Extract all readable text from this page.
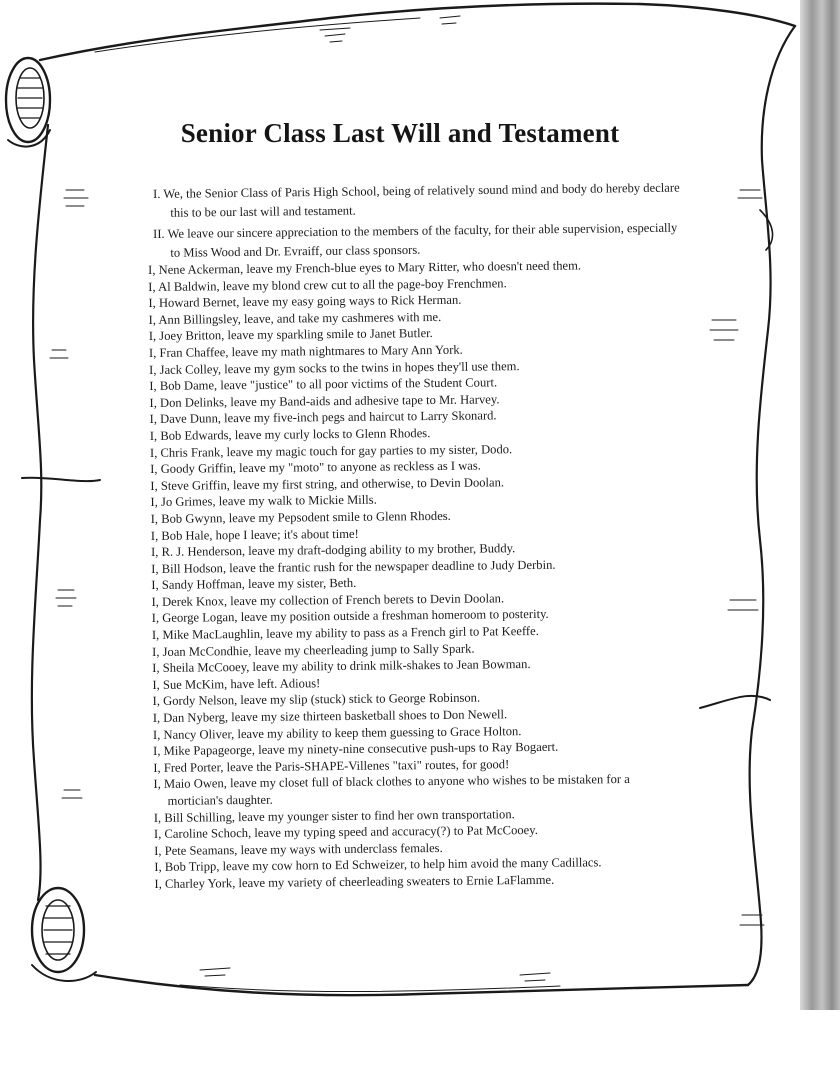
Senior Class Last Will and Testament

I. We, the Senior Class of Paris High School, being of relatively sound mind and body do hereby declare this to be our last will and testament.

II. We leave our sincere appreciation to the members of the faculty, for their able supervision, especially to Miss Wood and Dr. Evraiff, our class sponsors.

I, Nene Ackerman, leave my French-blue eyes to Mary Ritter, who doesn't need them.
I, Al Baldwin, leave my blond crew cut to all the page-boy Frenchmen.
I, Howard Bernet, leave my easy going ways to Rick Herman.
I, Ann Billingsley, leave, and take my cashmeres with me.
I, Joey Britton, leave my sparkling smile to Janet Butler.
I, Fran Chaffee, leave my math nightmares to Mary Ann York.
I, Jack Colley, leave my gym socks to the twins in hopes they'll use them.
I, Bob Dame, leave "justice" to all poor victims of the Student Court.
I, Don Delinks, leave my Band-aids and adhesive tape to Mr. Harvey.
I, Dave Dunn, leave my five-inch pegs and haircut to Larry Skonard.
I, Bob Edwards, leave my curly locks to Glenn Rhodes.
I, Chris Frank, leave my magic touch for gay parties to my sister, Dodo.
I, Goody Griffin, leave my "moto" to anyone as reckless as I was.
I, Steve Griffin, leave my first string, and otherwise, to Devin Doolan.
I, Jo Grimes, leave my walk to Mickie Mills.
I, Bob Gwynn, leave my Pepsodent smile to Glenn Rhodes.
I, Bob Hale, hope I leave; it's about time!
I, R. J. Henderson, leave my draft-dodging ability to my brother, Buddy.
I, Bill Hodson, leave the frantic rush for the newspaper deadline to Judy Derbin.
I, Sandy Hoffman, leave my sister, Beth.
I, Derek Knox, leave my collection of French berets to Devin Doolan.
I, George Logan, leave my position outside a freshman homeroom to posterity.
I, Mike MacLaughlin, leave my ability to pass as a French girl to Pat Keeffe.
I, Joan McCondhie, leave my cheerleading jump to Sally Spark.
I, Sheila McCooey, leave my ability to drink milk-shakes to Jean Bowman.
I, Sue McKim, have left. Adious!
I, Gordy Nelson, leave my slip (stuck) stick to George Robinson.
I, Dan Nyberg, leave my size thirteen basketball shoes to Don Newell.
I, Nancy Oliver, leave my ability to keep them guessing to Grace Holton.
I, Mike Papageorge, leave my ninety-nine consecutive push-ups to Ray Bogaert.
I, Fred Porter, leave the Paris-SHAPE-Villenes "taxi" routes, for good!
I, Maio Owen, leave my closet full of black clothes to anyone who wishes to be mistaken for a mortician's daughter.
I, Bill Schilling, leave my younger sister to find her own transportation.
I, Caroline Schoch, leave my typing speed and accuracy(?) to Pat McCooey.
I, Pete Seamans, leave my ways with underclass females.
I, Bob Tripp, leave my cow horn to Ed Schweizer, to help him avoid the many Cadillacs.
I, Charley York, leave my variety of cheerleading sweaters to Ernie LaFlamme.
